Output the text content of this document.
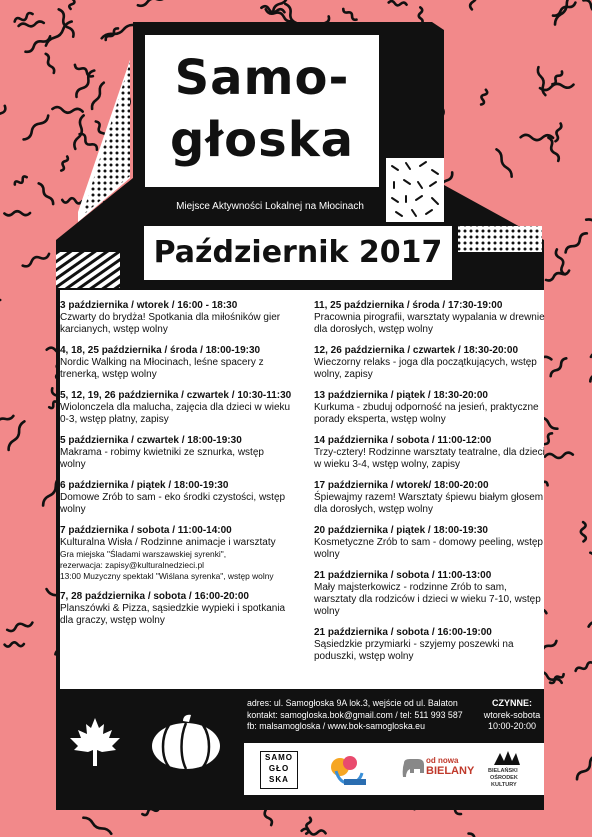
Samo-
głoska
Miejsce Aktywności Lokalnej na Młocinach
Październik 2017
3 października / wtorek / 16:00 - 18:30
Czwarty do brydża! Spotkania dla miłośników gier karcianych, wstęp wolny
4, 18, 25 października / środa / 18:00-19:30
Nordic Walking na Młocinach, leśne spacery z trenerką, wstęp wolny
5, 12, 19, 26 października / czwartek / 10:30-11:30
Wiolonczela dla malucha, zajęcia dla dzieci w wieku 0-3, wstęp płatny, zapisy
5 października / czwartek / 18:00-19:30
Makrama - robimy kwietniki ze sznurka, wstęp wolny
6 października / piątek / 18:00-19:30
Domowe Zrób to sam - eko środki czystości, wstęp wolny
7 października / sobota / 11:00-14:00
Kulturalna Wisła / Rodzinne animacje i warsztaty
Gra miejska "Śladami warszawskiej syrenki",
rezerwacja: zapisy@kulturalnedzieci.pl
13:00 Muzyczny spektakl "Wiślana syrenka", wstęp wolny
7, 28 października / sobota / 16:00-20:00
Planszówki & Pizza, sąsiedzkie wypieki i spotkania dla graczy, wstęp wolny
11, 25 października / środa / 17:30-19:00
Pracownia pirografii, warsztaty wypalania w drewnie dla dorosłych, wstęp wolny
12, 26 października / czwartek / 18:30-20:00
Wieczorny relaks - joga dla początkujących, wstęp wolny, zapisy
13 października / piątek / 18:30-20:00
Kurkuma - zbuduj odporność na jesień, praktyczne porady eksperta, wstęp wolny
14 października / sobota / 11:00-12:00
Trzy-cztery! Rodzinne warsztaty teatralne, dla dzieci w wieku 3-4, wstęp wolny, zapisy
17 października / wtorek/ 18:00-20:00
Śpiewajmy razem! Warsztaty śpiewu białym głosem dla dorosłych, wstęp wolny
20 października / piątek / 18:00-19:30
Kosmetyczne Zrób to sam - domowy peeling, wstęp wolny
21 października / sobota / 11:00-13:00
Mały majsterkowicz - rodzinne Zrób to sam, warsztaty dla rodziców i dzieci w wieku 7-10, wstęp wolny
21 października / sobota / 16:00-19:00
Sąsiedzkie przymiarki - szyjemy poszewki na poduszki, wstęp wolny
adres: ul. Samogłoska 9A lok.3, wejście od ul. Balaton
kontakt: samogloska.bok@gmail.com / tel: 511 993 587
fb: malsamogloska / www.bok-samogloska.eu
CZYNNE:
wtorek-sobota
10:00-20:00
SAMO
GŁO
SKA
od nowa
BIELANY BIELAŃSKI
OŚRODEK
KULTURY
